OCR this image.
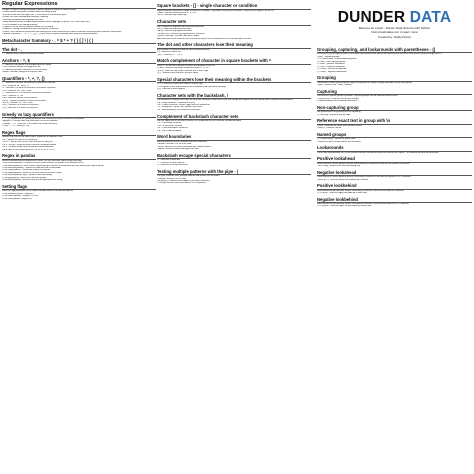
Regular Expressions
• Regex - a special string describing a specific pattern to match in another string
• Extract emails and phone numbers within the body of text
• Find all sentences that begin with 'I' or end with an exclamation point
• Extract the word immediately following 'company'
• Miniature programming language with rules
• Many different flavors of regex implemented in other languages (Python, Perl, JavaScript, etc.)
• The re module in the standard library
• Regexes can be used in pandas without the re module
• Regexes - strings composed of literal and special characters
• Literal - the characters themselves and nothing else. Most characters are literal characters except special characters (see below)
• Special characters - . ^ $ * + ? { } [ ] \ | ( ) each have a special meaning. Also known as metacharacters
Metacharacter Summary - . ^ $ * + ? { } [ ] \ | ( )
The dot - .
• . - Matches any character except line breaks
Anchors - ^, $
• ^ - Anchors the pattern to the beginning of the string
• ^ab - matches strings that begin with 'ab'
• $ - Anchors previous characters to end of string
• data$ - matches strings that end with 'data'
Quantifiers - *, +, ?, {}
• * - Matches 0 or more occurrences of previous character
• x*a - matches 'xa', 'xxxa', 'a'
• + - Matches 1 or more occurrences of previous character
• x+a - matches 'xa', 'xxa', 'xxxa'
• ? - Matches 0 or 1 occurrence of previous character
• ab? - matches 'a', 'ab'
• {m} - Matches exactly m occurrences
• {m,n} - Matches between m and n occurrences
• x{2,4} - matches 'xx', 'xxx', 'xxxx'
• {m,} - Matches m or more occurrences
• {,n} - Matches n or fewer occurrences
Greedy vs lazy quantifiers
• * + ? {} - quantifiers are greedy by default and consume as many characters as possible
• Append ? to make them lazy and match as few as possible
• Greedy - 'T.*e' - matches 'The cookies are sweet and tasty'
• Lazy - 'T.*?e' - matches 'The'
Regex flags
Options to be set for the entire regex. Import the re module to use.
• re.I - ignore the case of all characters
• re.M - ^ and $ match at the start and end of every line
• re.S - the dot . matches every character including newline
• re.X - verbose mode allows comments and whitespace
• re.A - ASCII only matching for \w, \W, \b, \B, \d, \D, \s, \S
Regex in pandas
Several methods directly following the Series .str accessor take regex strings and flags
• s.str.contains(pattern) - boolean for each value whether the pattern was matched or not
• s.str.extract(pattern) - must contain capture groups. Returns a DataFrame with one column per capture group
• s.str.extractall(pattern) - extracts all matches into a DataFrame
• s.str.count(pattern) - counts the number of matches
• s.str.findall(pattern) - returns a list of all matches for each string
• s.str.replace(pattern, repl) - replaces matched strings
• s.str.split(pattern) - splits each string on pattern
• s.str.match(pattern) - matches only at the beginning of the string
Setting flags
Pass the flags parameter the re module variable name to set different options
• s.str.contains('pattern', flags=re.I)
• s.str.extract('pattern', flags=re.I | re.M)
• s.str.count('pattern', flags=re.X)
Square brackets - [] - single character or condition
Square brackets represent a single character or condition. They match exactly one character. They can be thought of as an OR
• [abc] - matches exactly one of 'a', 'b', or 'c'
• [0-9] - matches any single digit
Character sets
Use a hyphen to separate start and end characters
• [a-z] - matches any lowercase letter
• [A-Z] - matches any uppercase letter
• [a-zA-Z0-9] - matches any alphanumeric character
• [\u0041-\u005A] - unicode code point ranges
Any character can be used for start and end as long as the unicode point of the start precedes the end
The dot and other characters lose their meaning
Any number of characters may be placed inside brackets
• [.] - matches a literal dot
• [a.c] - matches 'a', '.', or 'c'
Match complement of character in square brackets with ^
Place a ^ as the first character to match the opposite of the set
• [^abc] - matches any single character except 'a', 'b', or 'c'
• [^0-9] - matches any single character that is not a digit
• [^ ] - matches any character except a space
Special characters lose their meaning within the brackets
• [.*+] - matches a literal dot, asterisk, or plus sign
• The hyphen, caret and backslash are exceptions and may need escaping
• [\-] - matches a literal hyphen
Character sets with the backslash, \
The backslash is always used with the very next character. Make sure to use raw strings with regexes so that Python doesn't interpret the backslash
• \d - a digit character - equivalent to [0-9]
• \w - a word character - letters, digits and the underscore
• \s - whitespace - space, tab, newline and others
• \b - word boundary - no character is matched
Complement of backslash character sets
Use the uppercase of the letter to match the complement of the character set defined above
• \D - a non-digit character
• \W - a non-word character
• \S - a non-whitespace character
• \B - not a word boundary
Word boundaries
Word boundaries match a position and not a character
• \bcat\b - matches 'cat' as a full word
• \Bcat - matches 'cat' that is preceded by a word character
• \bdata - matches words that begin with 'data'
Backslash escape special characters
• \. - matches a literal dot
• \* - matches a literal asterisk
• \\ - matches the literal backslash
Testing multiple patterns with the pipe - |
The pipe character tests multiple patterns and returns the first match
• cat|dog - matches 'cat' or 'dog'
• \d{3}|\w{2} - matches three digits or two word characters
• The pipe has the lowest precedence of all operators
DUNDER DATA
Become an expert - Master Data Science with Python
Visit dunderdata.com to learn more
Created by Teddy Petrou
Grouping, capturing, and lookarounds with parentheses - ()
Parentheses group together parts of the regex and provide other special functionality and have their own special syntax to begin with a ?
• (abc) - capturing group
• (?P<name>abc) - named capturing group
• (?:abc) - non-capturing group
• (?=abc) - positive lookahead
• (?!abc) - negative lookahead
• (?<=abc) - positive lookbehind
• (?<!abc) - negative lookbehind
Grouping
Parentheses always group together regex and provide the ability to apply quantifiers to the entire group
• (ab)+ - matches 'ab', 'abab', 'ababab'
Capturing
Parentheses capture groups by default. Captured groups can be extracted from the text
• (\d{3})-(\d{4}) - captures two groups of digits
• Captured groups are numbered starting at 1
Non-capturing group
Use parentheses for grouping but not capturing
• (?:ab)+(\d) - captures only the digit
Reference exact text in group with \n
• (\w)\1 - matches the same word character twice
• (ab)c\1 - matches 'abcab'
Named groups
• (?P<year>\d{4}) - names the group 'year'
• Names become column names with str.extract
Lookarounds
These look ahead/behind the current position without consuming characters and do not capture. The lookaround must be fixed width
Positive lookahead
Looks ahead of current position without consuming any characters to test that the pattern is matched
• \w+(?=ing) - matches the word preceding 'ing'
Negative lookahead
Looks ahead of current position without consuming characters to test that the pattern is NOT matched
• \b\w+\b(?!,) - matches words not followed by a comma
Positive lookbehind
Looks behind current position without consuming characters to test that the pattern is matched
• (?<=\$)\d+ - matches digits preceded by a dollar sign
Negative lookbehind
Looks behind current position without consuming characters to test that the pattern is NOT matched
• (?<!\$)\b\d+ - matches digits not preceded by a dollar sign
